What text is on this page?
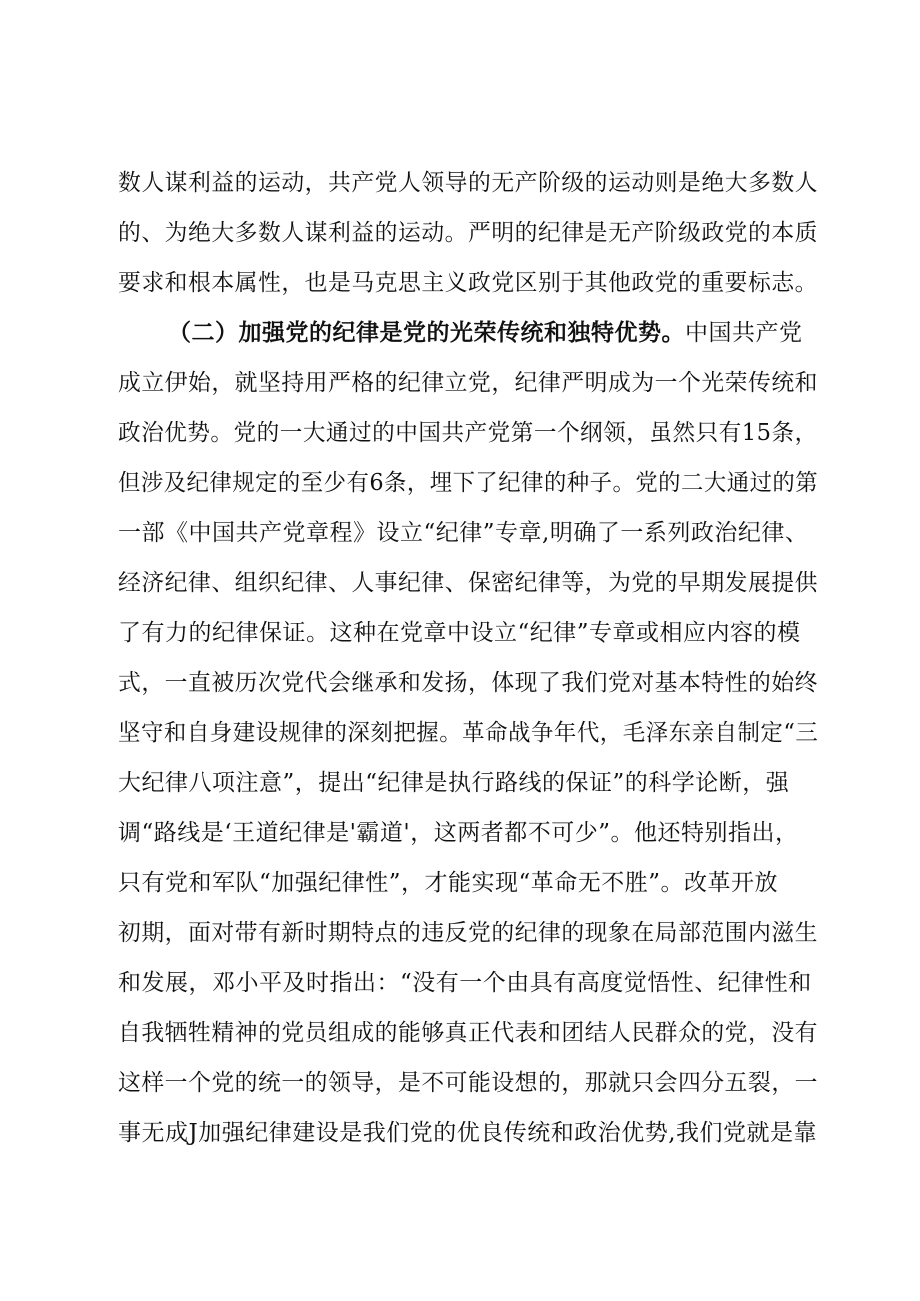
数人谋利益的运动，共产党人领导的无产阶级的运动则是绝大多数人
的、为绝大多数人谋利益的运动。严明的纪律是无产阶级政党的本质
要求和根本属性，也是马克思主义政党区别于其他政党的重要标志。
（二）加强党的纪律是党的光荣传统和独特优势。中国共产党
成立伊始，就坚持用严格的纪律立党，纪律严明成为一个光荣传统和
政治优势。党的一大通过的中国共产党第一个纲领，虽然只有15条，
但涉及纪律规定的至少有6条，埋下了纪律的种子。党的二大通过的第
一部《中国共产党章程》设立“纪律”专章,明确了一系列政治纪律、
经济纪律、组织纪律、人事纪律、保密纪律等，为党的早期发展提供
了有力的纪律保证。这种在党章中设立“纪律”专章或相应内容的模
式，一直被历次党代会继承和发扬，体现了我们党对基本特性的始终
坚守和自身建设规律的深刻把握。革命战争年代，毛泽东亲自制定“三
大纪律八项注意”，提出“纪律是执行路线的保证”的科学论断，强
调“路线是‘王道纪律是'霸道'，这两者都不可少”。他还特别指出，
只有党和军队“加强纪律性”，才能实现“革命无不胜”。改革开放
初期，面对带有新时期特点的违反党的纪律的现象在局部范围内滋生
和发展，邓小平及时指出：“没有一个由具有高度觉悟性、纪律性和
自我牺牲精神的党员组成的能够真正代表和团结人民群众的党，没有
这样一个党的统一的领导，是不可能设想的，那就只会四分五裂，一
事无成J加强纪律建设是我们党的优良传统和政治优势,我们党就是靠
